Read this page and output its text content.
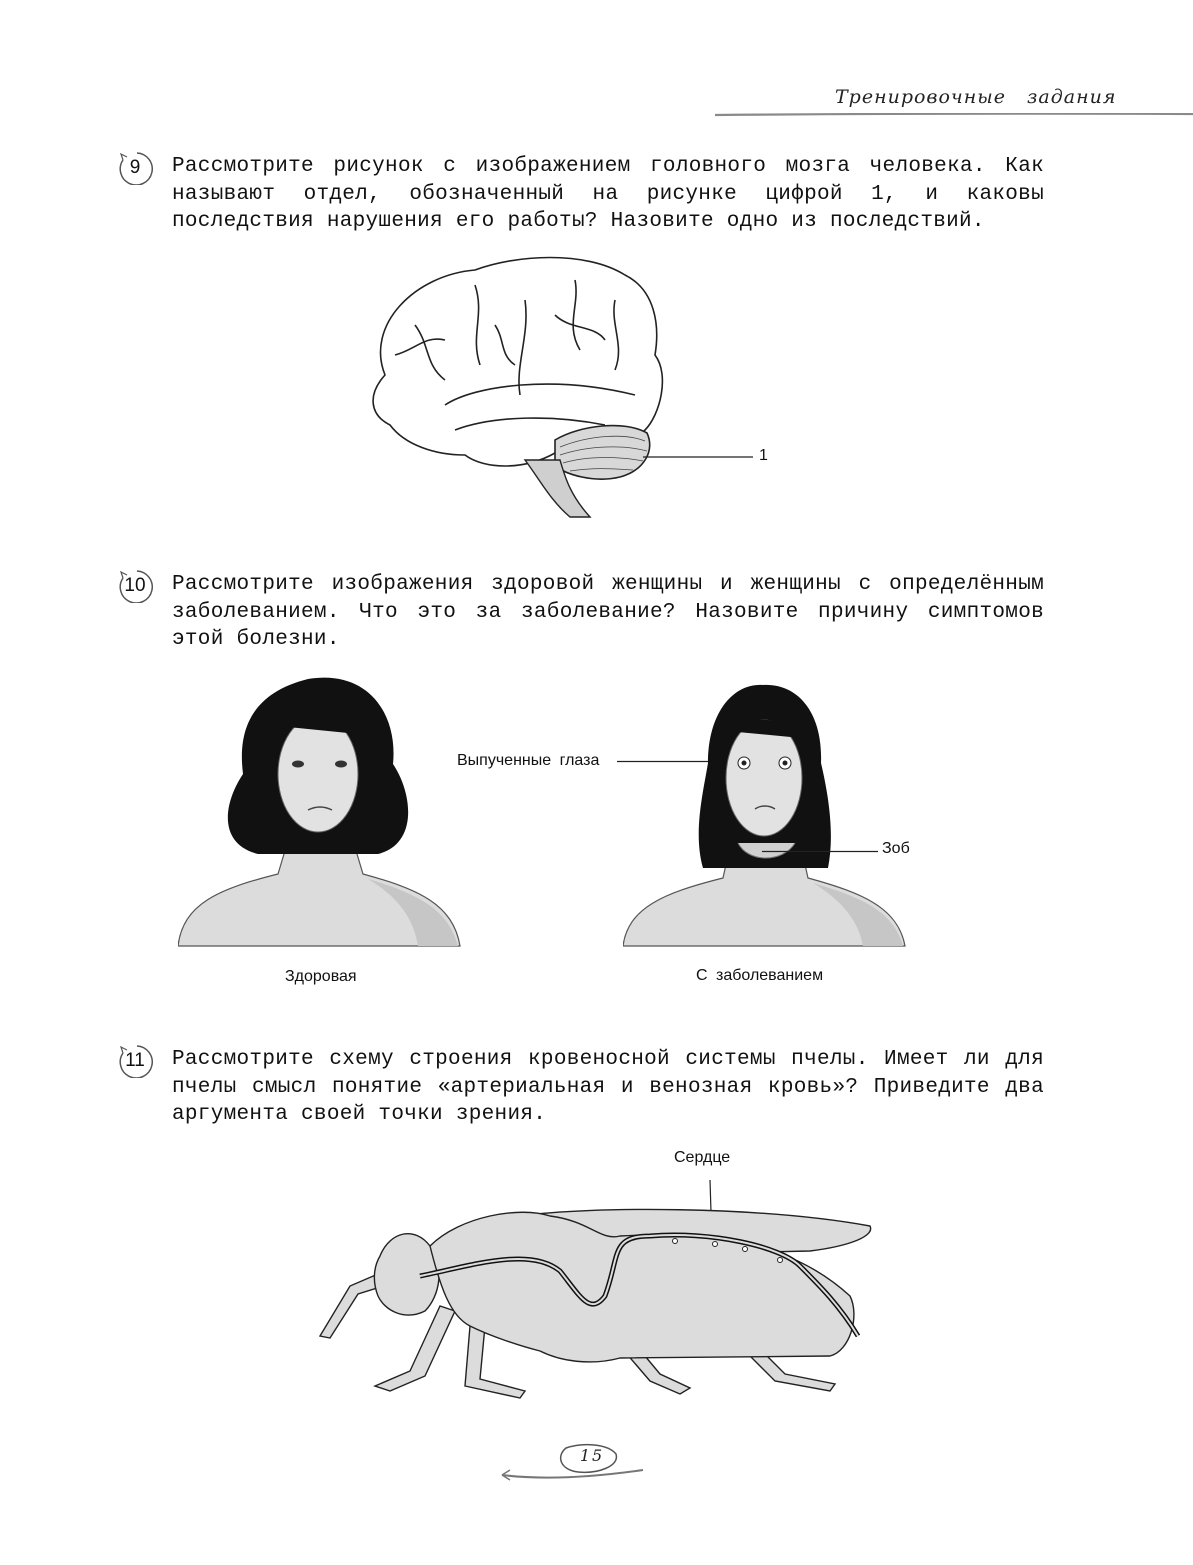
Тренировочные задания
9	Рассмотрите рисунок с изображением головного мозга человека. Как называют отдел, обозначенный на рисунке цифрой 1, и каковы последствия нарушения его работы? Назовите одно из последствий.
1
10	Рассмотрите изображения здоровой женщины и женщины с определённым заболеванием. Что это за заболевание? Назовите причину симптомов этой болезни.
Здоровая
Выпученные глаза
С заболеванием
Зоб
11	Рассмотрите схему строения кровеносной системы пчелы. Имеет ли для пчелы смысл понятие «артериальная и венозная кровь»? Приведите два аргумента своей точки зрения.
Сердце
15
